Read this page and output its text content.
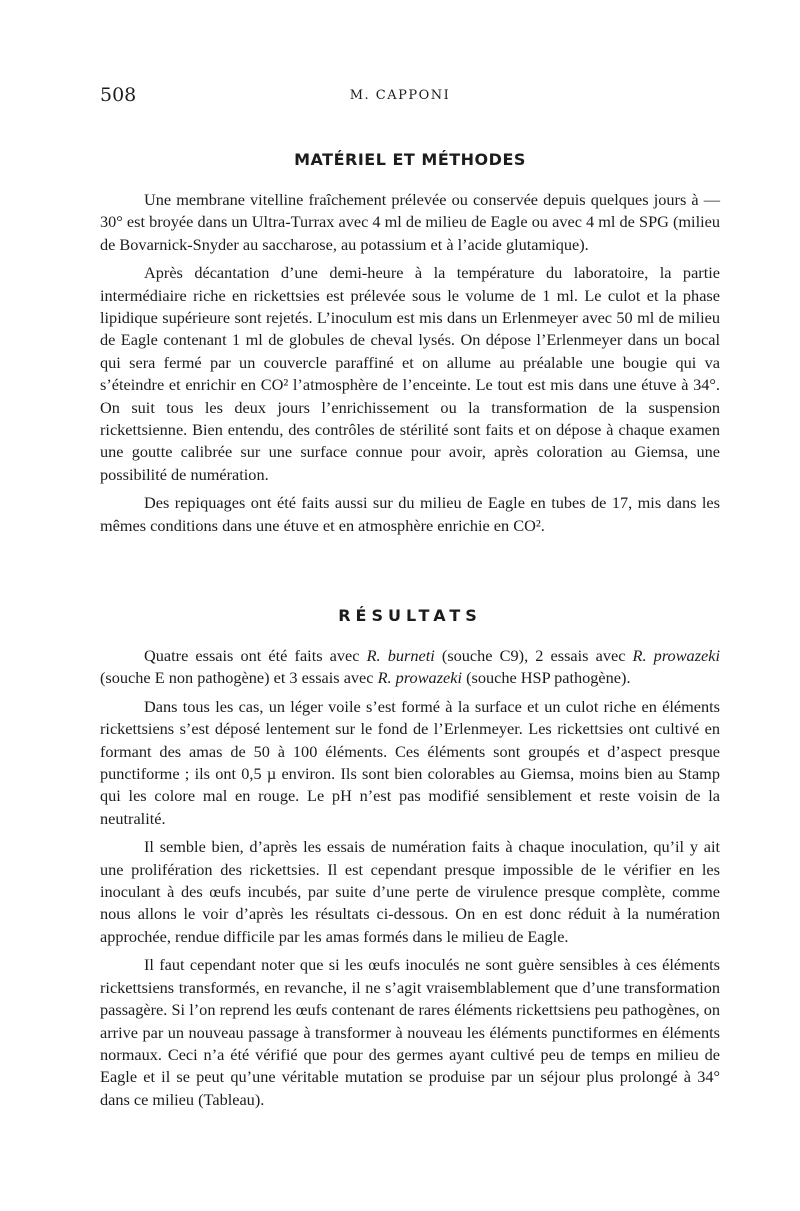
508	M. CAPPONI
MATÉRIEL ET MÉTHODES

Une membrane vitelline fraîchement prélevée ou conservée depuis quelques jours à —30° est broyée dans un Ultra-Turrax avec 4 ml de milieu de Eagle ou avec 4 ml de SPG (milieu de Bovarnick-Snyder au saccharose, au potassium et à l’acide glutamique).

Après décantation d’une demi-heure à la température du laboratoire, la partie intermédiaire riche en rickettsies est prélevée sous le volume de 1 ml. Le culot et la phase lipidique supérieure sont rejetés. L’inoculum est mis dans un Erlenmeyer avec 50 ml de milieu de Eagle contenant 1 ml de globules de cheval lysés. On dépose l’Erlenmeyer dans un bocal qui sera fermé par un couvercle paraffiné et on allume au préalable une bougie qui va s’éteindre et enrichir en CO² l’atmosphère de l’enceinte. Le tout est mis dans une étuve à 34°. On suit tous les deux jours l’enrichissement ou la transformation de la suspension rickettsienne. Bien entendu, des contrôles de stérilité sont faits et on dépose à chaque examen une goutte calibrée sur une surface connue pour avoir, après coloration au Giemsa, une possibilité de numération.

Des repiquages ont été faits aussi sur du milieu de Eagle en tubes de 17, mis dans les mêmes conditions dans une étuve et en atmosphère enrichie en CO².

RÉSULTATS

Quatre essais ont été faits avec R. burneti (souche C9), 2 essais avec R. prowazeki (souche E non pathogène) et 3 essais avec R. prowazeki (souche HSP pathogène).

Dans tous les cas, un léger voile s’est formé à la surface et un culot riche en éléments rickettsiens s’est déposé lentement sur le fond de l’Erlenmeyer. Les rickettsies ont cultivé en formant des amas de 50 à 100 éléments. Ces éléments sont groupés et d’aspect presque punctiforme ; ils ont 0,5 µ environ. Ils sont bien colorables au Giemsa, moins bien au Stamp qui les colore mal en rouge. Le pH n’est pas modifié sensiblement et reste voisin de la neutralité.

Il semble bien, d’après les essais de numération faits à chaque inoculation, qu’il y ait une prolifération des rickettsies. Il est cependant presque impossible de le vérifier en les inoculant à des œufs incubés, par suite d’une perte de virulence presque complète, comme nous allons le voir d’après les résultats ci-dessous. On en est donc réduit à la numération approchée, rendue difficile par les amas formés dans le milieu de Eagle.

Il faut cependant noter que si les œufs inoculés ne sont guère sensibles à ces éléments rickettsiens transformés, en revanche, il ne s’agit vraisemblablement que d’une transformation passagère. Si l’on reprend les œufs contenant de rares éléments rickettsiens peu pathogènes, on arrive par un nouveau passage à transformer à nouveau les éléments punctiformes en éléments normaux. Ceci n’a été vérifié que pour des germes ayant cultivé peu de temps en milieu de Eagle et il se peut qu’une véritable mutation se produise par un séjour plus prolongé à 34° dans ce milieu (Tableau).
